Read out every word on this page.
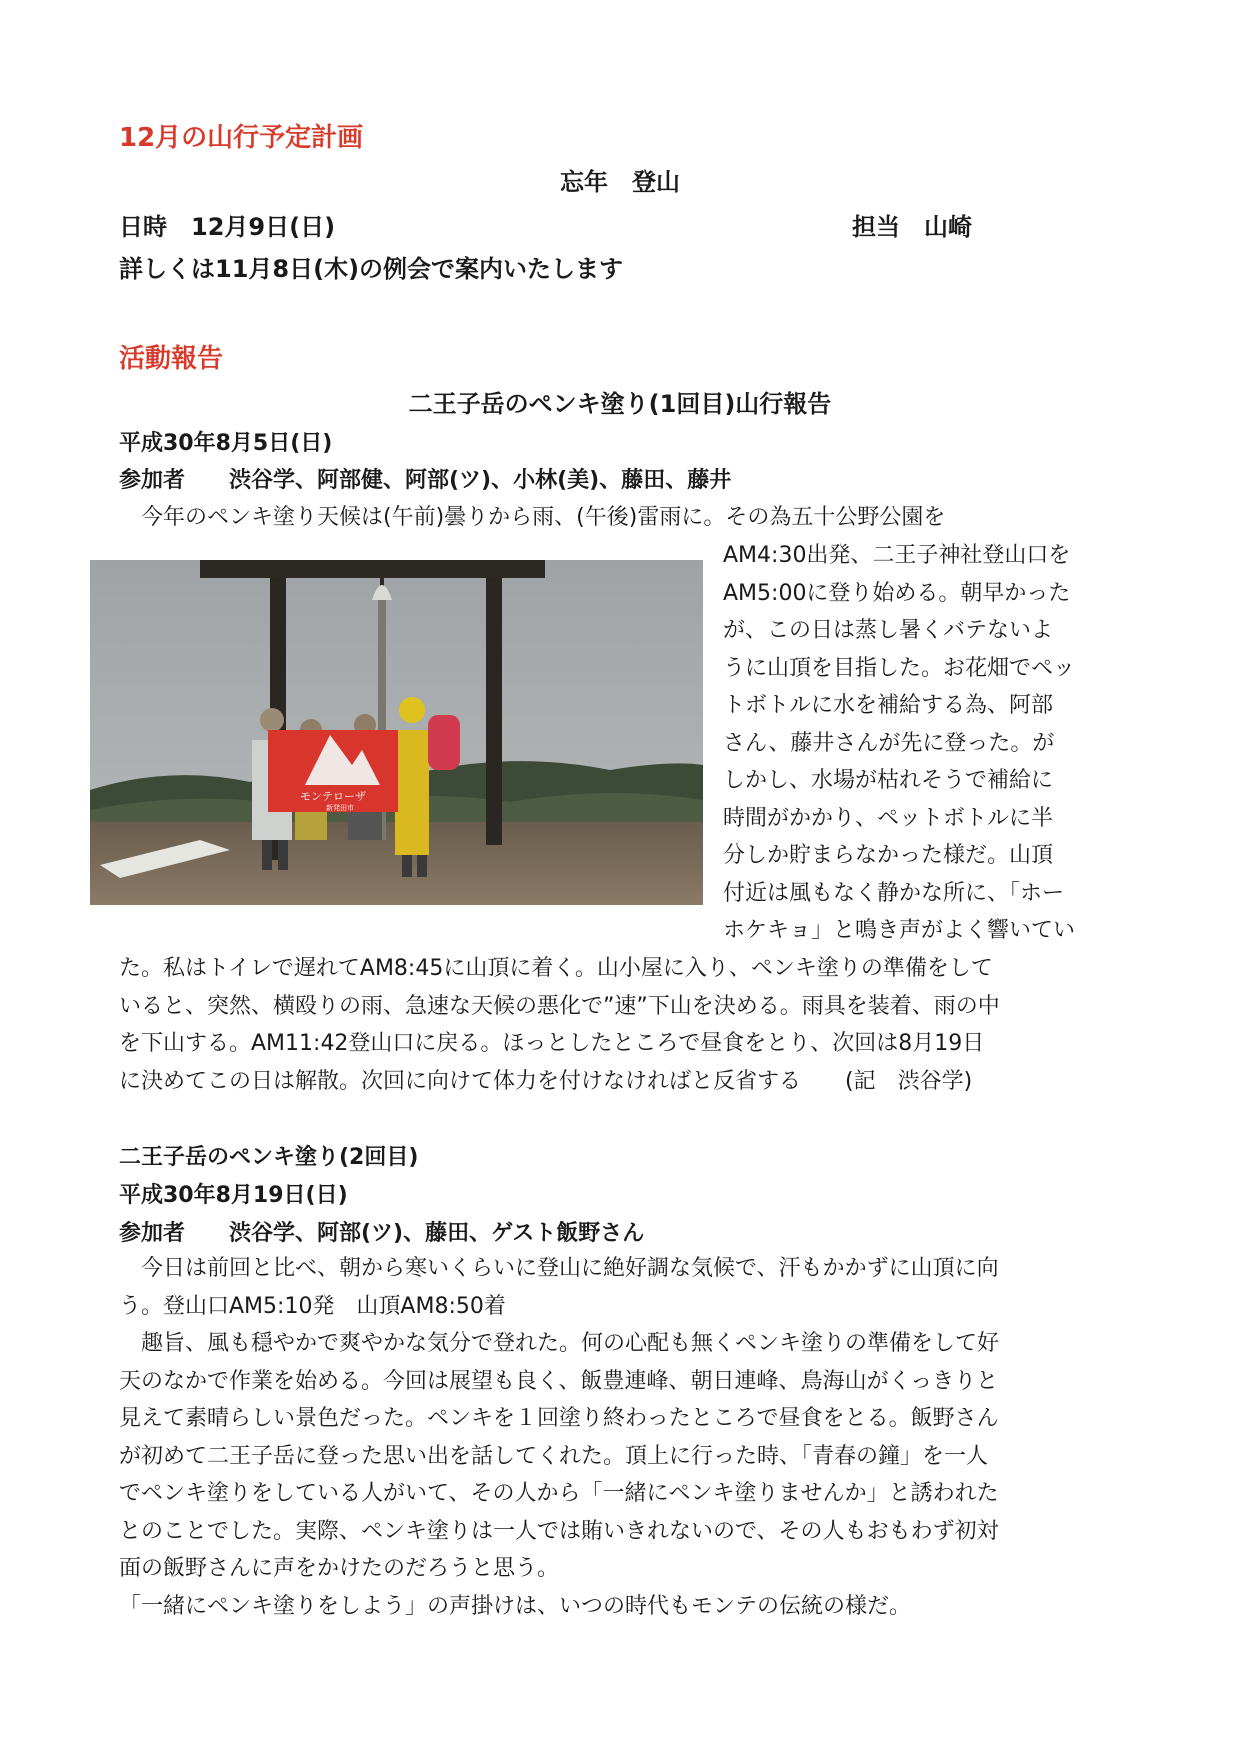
12月の山行予定計画
忘年　登山
日時　12月9日(日)	担当　山崎
詳しくは11月8日(木)の例会で案内いたします
活動報告
二王子岳のペンキ塗り(1回目)山行報告
平成30年8月5日(日)
参加者　　渋谷学、阿部健、阿部(ツ)、小林(美)、藤田、藤井
　今年のペンキ塗り天候は(午前)曇りから雨、(午後)雷雨に。その為五十公野公園を
モンテローザ
新発田市

AM4:30出発、二王子神社登山口を

AM5:00に登り始める。朝早かった

が、この日は蒸し暑くバテないよ

うに山頂を目指した。お花畑でペッ

トボトルに水を補給する為、阿部

さん、藤井さんが先に登った。が

しかし、水場が枯れそうで補給に

時間がかかり、ペットボトルに半

分しか貯まらなかった様だ。山頂

付近は風もなく静かな所に、「ホー

ホケキョ」と鳴き声がよく響いてい

た。私はトイレで遅れてAM8:45に山頂に着く。山小屋に入り、ペンキ塗りの準備をして

いると、突然、横殴りの雨、急速な天候の悪化で”速”下山を決める。雨具を装着、雨の中

を下山する。AM11:42登山口に戻る。ほっとしたところで昼食をとり、次回は8月19日

に決めてこの日は解散。次回に向けて体力を付けなければと反省する　　(記　渋谷学)

二王子岳のペンキ塗り(2回目)
平成30年8月19日(日)
参加者　　渋谷学、阿部(ツ)、藤田、ゲスト飯野さん

　今日は前回と比べ、朝から寒いくらいに登山に絶好調な気候で、汗もかかずに山頂に向

う。登山口AM5:10発　山頂AM8:50着

　趣旨、風も穏やかで爽やかな気分で登れた。何の心配も無くペンキ塗りの準備をして好

天のなかで作業を始める。今回は展望も良く、飯豊連峰、朝日連峰、鳥海山がくっきりと

見えて素晴らしい景色だった。ペンキを１回塗り終わったところで昼食をとる。飯野さん

が初めて二王子岳に登った思い出を話してくれた。頂上に行った時、「青春の鐘」を一人

でペンキ塗りをしている人がいて、その人から「一緒にペンキ塗りませんか」と誘われた

とのことでした。実際、ペンキ塗りは一人では賄いきれないので、その人もおもわず初対

面の飯野さんに声をかけたのだろうと思う。

「一緒にペンキ塗りをしよう」の声掛けは、いつの時代もモンテの伝統の様だ。
